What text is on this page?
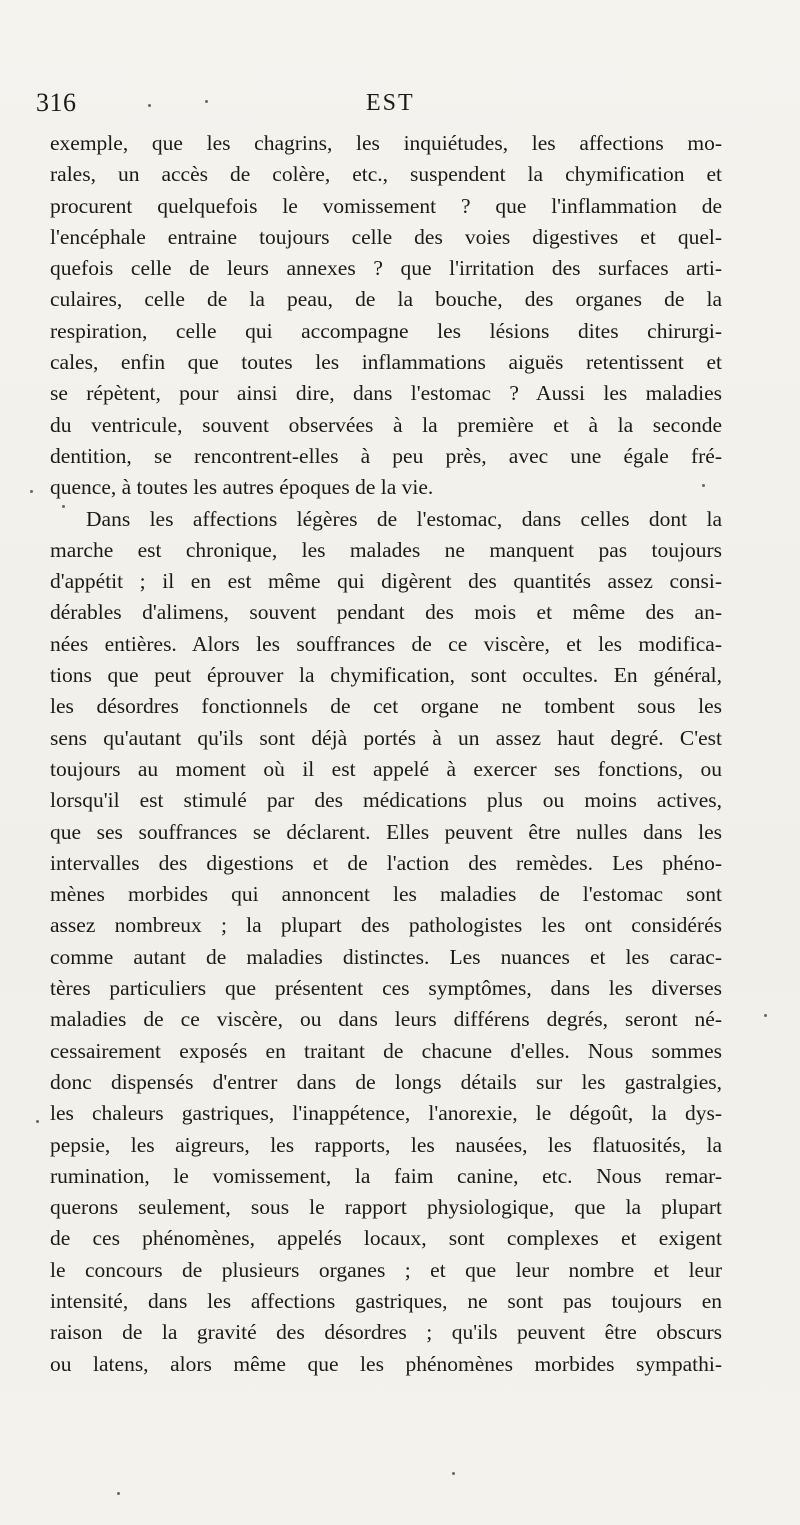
316	EST
exemple, que les chagrins, les inquiétudes, les affections mo-
rales, un accès de colère, etc., suspendent la chymification et
procurent quelquefois le vomissement ? que l'inflammation de
l'encéphale entraine toujours celle des voies digestives et quel-
quefois celle de leurs annexes ? que l'irritation des surfaces arti-
culaires, celle de la peau, de la bouche, des organes de la
respiration, celle qui accompagne les lésions dites chirurgi-
cales, enfin que toutes les inflammations aiguës retentissent et
se répètent, pour ainsi dire, dans l'estomac ? Aussi les maladies
du ventricule, souvent observées à la première et à la seconde
dentition, se rencontrent-elles à peu près, avec une égale fré-
quence, à toutes les autres époques de la vie.
Dans les affections légères de l'estomac, dans celles dont la
marche est chronique, les malades ne manquent pas toujours
d'appétit ; il en est même qui digèrent des quantités assez consi-
dérables d'alimens, souvent pendant des mois et même des an-
nées entières. Alors les souffrances de ce viscère, et les modifica-
tions que peut éprouver la chymification, sont occultes. En général,
les désordres fonctionnels de cet organe ne tombent sous les
sens qu'autant qu'ils sont déjà portés à un assez haut degré. C'est
toujours au moment où il est appelé à exercer ses fonctions, ou
lorsqu'il est stimulé par des médications plus ou moins actives,
que ses souffrances se déclarent. Elles peuvent être nulles dans les
intervalles des digestions et de l'action des remèdes. Les phéno-
mènes morbides qui annoncent les maladies de l'estomac sont
assez nombreux ; la plupart des pathologistes les ont considérés
comme autant de maladies distinctes. Les nuances et les carac-
tères particuliers que présentent ces symptômes, dans les diverses
maladies de ce viscère, ou dans leurs différens degrés, seront né-
cessairement exposés en traitant de chacune d'elles. Nous sommes
donc dispensés d'entrer dans de longs détails sur les gastralgies,
les chaleurs gastriques, l'inappétence, l'anorexie, le dégoût, la dys-
pepsie, les aigreurs, les rapports, les nausées, les flatuosités, la
rumination, le vomissement, la faim canine, etc. Nous remar-
querons seulement, sous le rapport physiologique, que la plupart
de ces phénomènes, appelés locaux, sont complexes et exigent
le concours de plusieurs organes ; et que leur nombre et leur
intensité, dans les affections gastriques, ne sont pas toujours en
raison de la gravité des désordres ; qu'ils peuvent être obscurs
ou latens, alors même que les phénomènes morbides sympathi-
